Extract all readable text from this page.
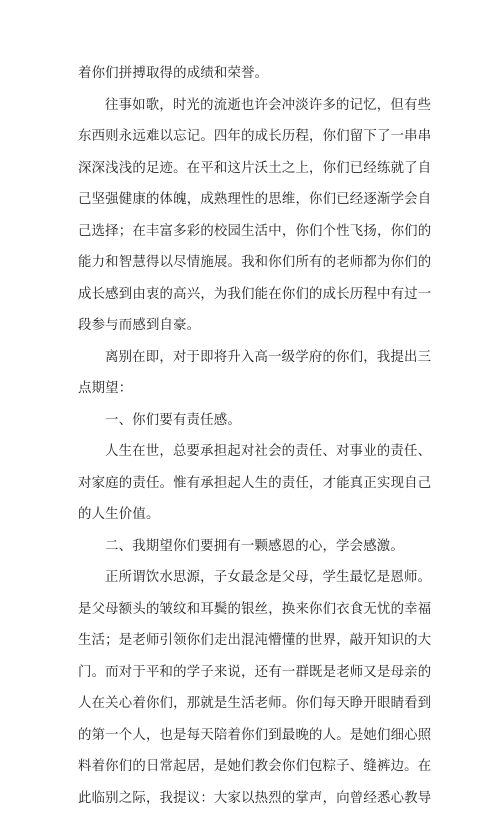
着你们拼搏取得的成绩和荣誉。
往事如歌，时光的流逝也许会冲淡许多的记忆，但有些
东西则永远难以忘记。四年的成长历程，你们留下了一串串
深深浅浅的足迹。在平和这片沃土之上，你们已经练就了自
己坚强健康的体魄，成熟理性的思维，你们已经逐渐学会自
己选择；在丰富多彩的校园生活中，你们个性飞扬，你们的
能力和智慧得以尽情施展。我和你们所有的老师都为你们的
成长感到由衷的高兴，为我们能在你们的成长历程中有过一
段参与而感到自豪。
离别在即，对于即将升入高一级学府的你们，我提出三
点期望：
一、你们要有责任感。
人生在世，总要承担起对社会的责任、对事业的责任、
对家庭的责任。惟有承担起人生的责任，才能真正实现自己
的人生价值。
二、我期望你们要拥有一颗感恩的心，学会感激。
正所谓饮水思源，子女最念是父母，学生最忆是恩师。
是父母额头的皱纹和耳鬓的银丝，换来你们衣食无忧的幸福
生活；是老师引领你们走出混沌懵懂的世界，敲开知识的大
门。而对于平和的学子来说，还有一群既是老师又是母亲的
人在关心着你们，那就是生活老师。你们每天睁开眼睛看到
的第一个人，也是每天陪着你们到最晚的人。是她们细心照
料着你们的日常起居，是她们教会你们包粽子、缝裤边。在
此临别之际，我提议：大家以热烈的掌声，向曾经悉心教导
